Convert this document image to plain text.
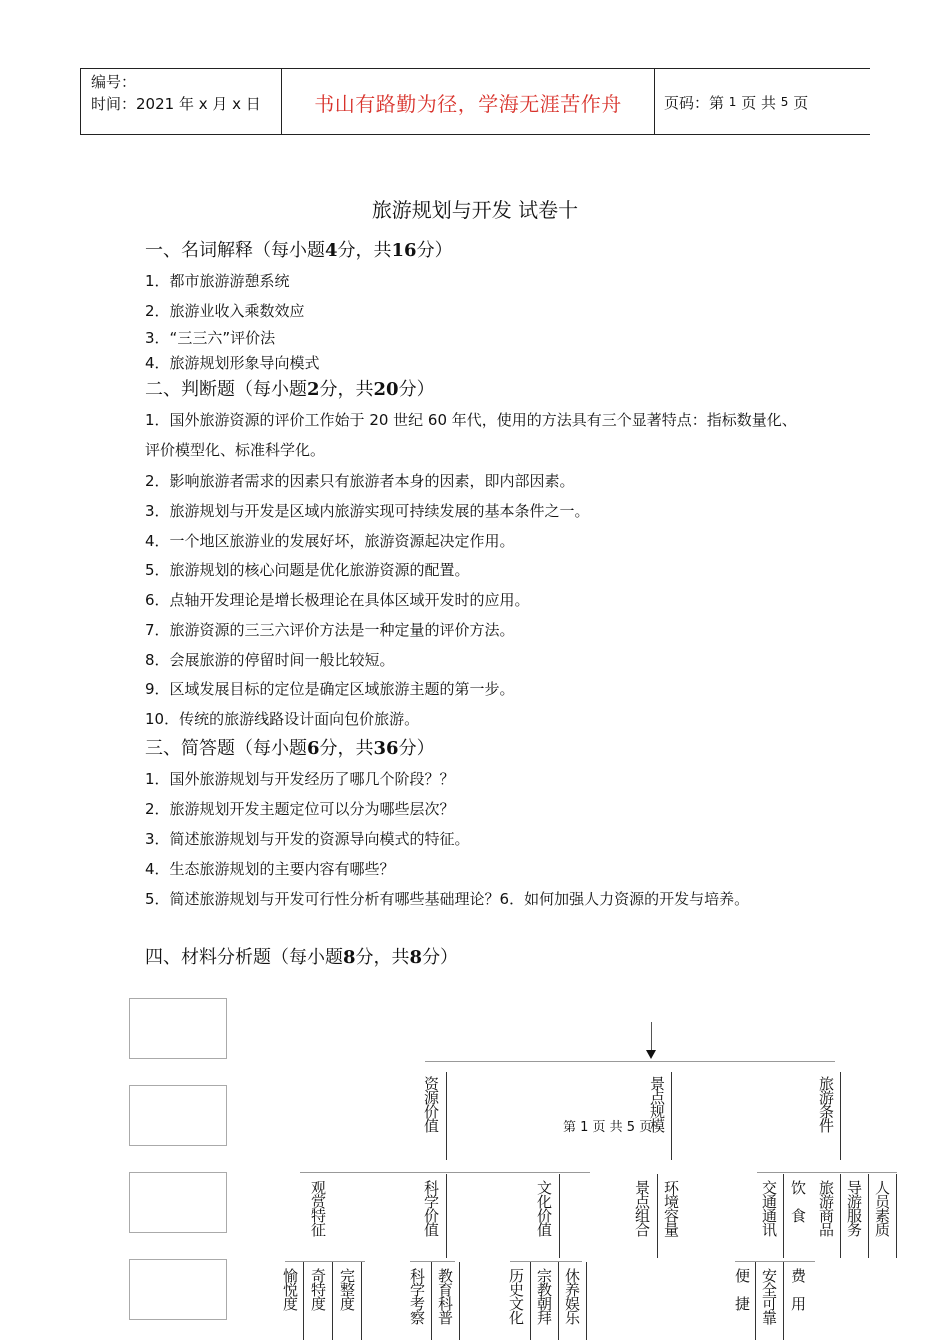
编号：
时间：2021 年 x 月 x 日	书山有路勤为径，学海无涯苦作舟	页码：第
1
页 共
5
页
旅游规划与开发 试卷十
一、名词解释（每小题4分，共16分）
1．都市旅游游憩系统
2．旅游业收入乘数效应
3．“三三六”评价法
4．旅游规划形象导向模式
二、判断题（每小题2分，共20分）
1．国外旅游资源的评价工作始于 20 世纪 60 年代，使用的方法具有三个显著特点：指标数量化、评价模型化、标准科学化。
2．影响旅游者需求的因素只有旅游者本身的因素，即内部因素。
3．旅游规划与开发是区域内旅游实现可持续发展的基本条件之一。
4．一个地区旅游业的发展好坏，旅游资源起决定作用。
5．旅游规划的核心问题是优化旅游资源的配置。
6．点轴开发理论是增长极理论在具体区域开发时的应用。
7．旅游资源的三三六评价方法是一种定量的评价方法。
8．会展旅游的停留时间一般比较短。
9．区域发展目标的定位是确定区域旅游主题的第一步。
10．传统的旅游线路设计面向包价旅游。
三、简答题（每小题6分，共36分）
1．国外旅游规划与开发经历了哪几个阶段？？
2．旅游规划开发主题定位可以分为哪些层次？
3．简述旅游规划与开发的资源导向模式的特征。
4．生态旅游规划的主要内容有哪些？
5．简述旅游规划与开发可行性分析有哪些基础理论？6．如何加强人力资源的开发与培养。
四、材料分析题（每小题8分，共8分）
资源价值	景点规模	旅游条件
第 1 页 共 5 页
观赏特征	科学价值	文化价值	景点组合 环境容量	交通通讯 饮　食 旅游商品 导游服务 人员素质
愉悦度 奇特度 完整度	科学考察 教育科普	历史文化 宗教朝拜 休养娱乐	便　捷 安全可靠 费　用
